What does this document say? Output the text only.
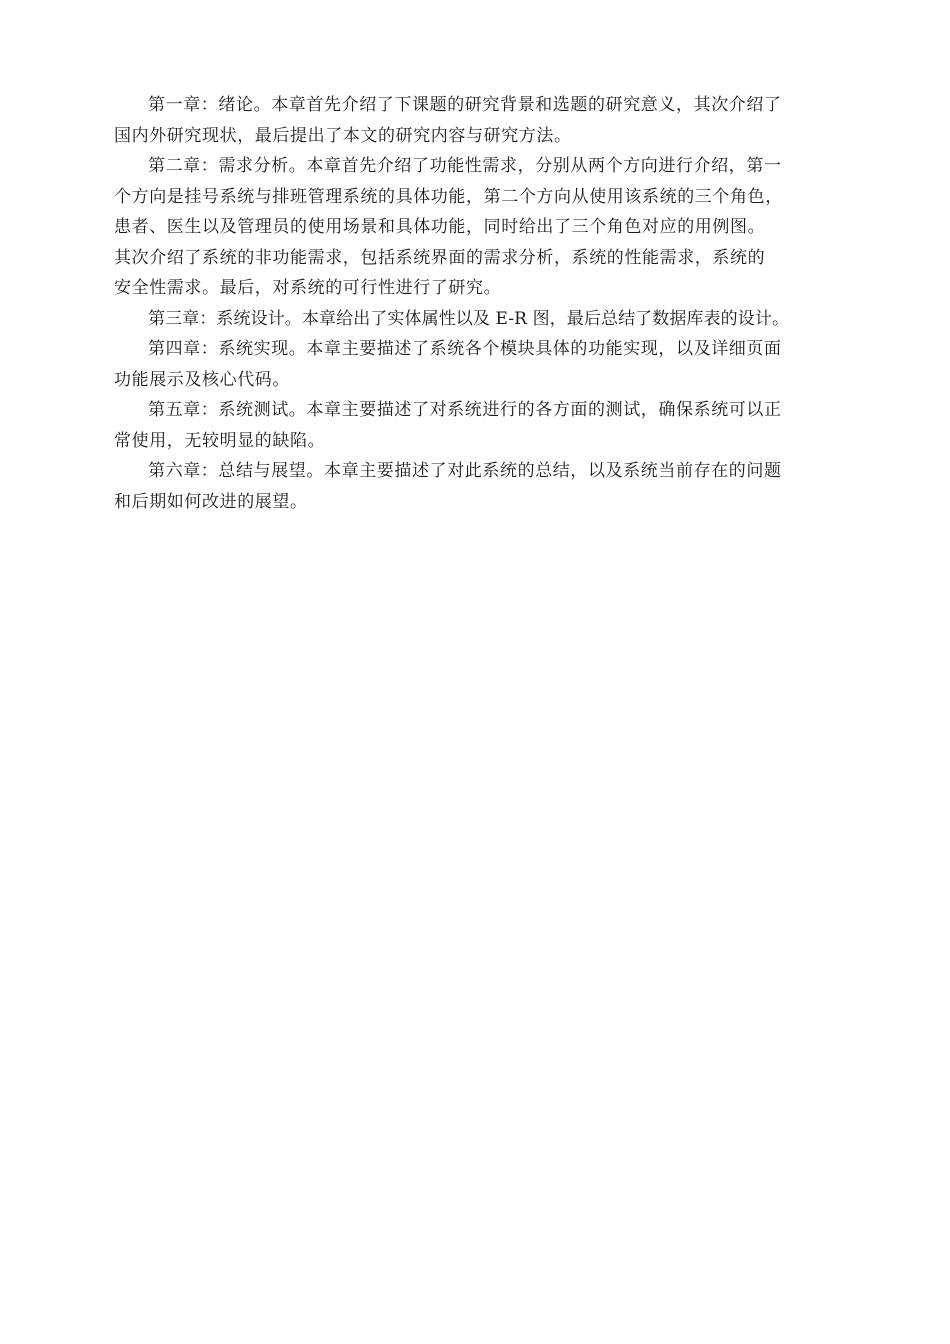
第一章：绪论。本章首先介绍了下课题的研究背景和选题的研究意义，其次介绍了
国内外研究现状，最后提出了本文的研究内容与研究方法。
第二章：需求分析。本章首先介绍了功能性需求，分别从两个方向进行介绍，第一
个方向是挂号系统与排班管理系统的具体功能，第二个方向从使用该系统的三个角色，
患者、医生以及管理员的使用场景和具体功能，同时给出了三个角色对应的用例图。
其次介绍了系统的非功能需求，包括系统界面的需求分析，系统的性能需求，系统的
安全性需求。最后，对系统的可行性进行了研究。
第三章：系统设计。本章给出了实体属性以及 E-R 图，最后总结了数据库表的设计。
第四章：系统实现。本章主要描述了系统各个模块具体的功能实现，以及详细页面
功能展示及核心代码。
第五章：系统测试。本章主要描述了对系统进行的各方面的测试，确保系统可以正
常使用，无较明显的缺陷。
第六章：总结与展望。本章主要描述了对此系统的总结，以及系统当前存在的问题
和后期如何改进的展望。
